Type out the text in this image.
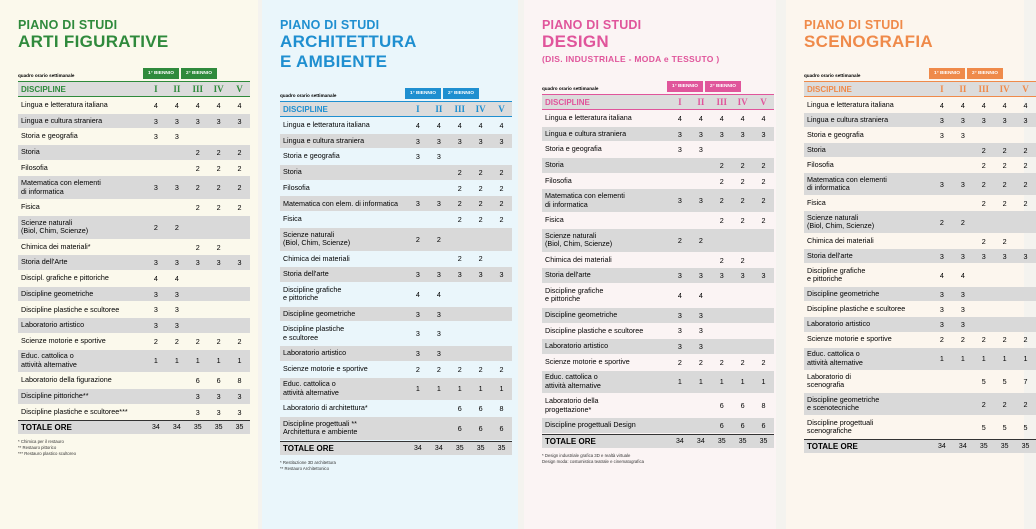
PIANO DI STUDI
ARTI FIGURATIVE
quadro orario settimanale	1° BIENNIO	2° BIENNIO
DISCIPLINE	I	II	III	IV	V

Lingua e letteratura italiana	4	4	4	4	4

Lingua e cultura straniera	3	3	3	3	3

Storia e geografia	3	3			

Storia			2	2	2

Filosofia			2	2	2

Matematica con elementi
di informatica	3	3	2	2	2

Fisica			2	2	2

Scienze naturali
(Biol, Chim, Scienze)	2	2			

Chimica dei materiali*			2	2	

Storia dell'Arte	3	3	3	3	3

Discipl. grafiche e pittoriche	4	4			

Discipline geometriche	3	3			

Discipline plastiche e scultoree	3	3			

Laboratorio artistico	3	3			

Scienze motorie e sportive	2	2	2	2	2

Educ. cattolica o
attività alternative	1	1	1	1	1

Laboratorio della figurazione			6	6	8

Discipline pittoriche**			3	3	3

Discipline plastiche e scultoree***			3	3	3
TOTALE ORE	34	34	35	35	35
* Chimica per il restauro
** Restauro pittorico
*** Restauro plastico scultoreo
PIANO DI STUDI
ARCHITETTURA
E AMBIENTE
quadro orario settimanale	1° BIENNIO	2° BIENNIO
DISCIPLINE	I	II	III	IV	V

Lingua e letteratura italiana	4	4	4	4	4

Lingua e cultura straniera	3	3	3	3	3

Storia e geografia	3	3			

Storia			2	2	2

Filosofia			2	2	2

Matematica con elem. di informatica	3	3	2	2	2

Fisica			2	2	2

Scienze naturali
(Biol, Chim, Scienze)	2	2			

Chimica dei materiali			2	2	

Storia dell'arte	3	3	3	3	3

Discipline grafiche
e pittoriche	4	4			

Discipline geometriche	3	3			

Discipline plastiche
e scultoree	3	3			

Laboratorio artistico	3	3			

Scienze motorie e sportive	2	2	2	2	2

Educ. cattolica o
attività alternative	1	1	1	1	1

Laboratorio di architettura*			6	6	8

Discipline progettuali **
Architettura e ambiente			6	6	6
TOTALE ORE	34	34	35	35	35
* Restituzione 3D architettura
** Restauro Architettonico
PIANO DI STUDI
DESIGN
(DIS. INDUSTRIALE - MODA e TESSUTO )
quadro orario settimanale	1° BIENNIO	2° BIENNIO
DISCIPLINE	I	II	III	IV	V

Lingua e letteratura italiana	4	4	4	4	4

Lingua e cultura straniera	3	3	3	3	3

Storia e geografia	3	3			

Storia			2	2	2

Filosofia			2	2	2

Matematica con elementi
di informatica	3	3	2	2	2

Fisica			2	2	2

Scienze naturali
(Biol, Chim, Scienze)	2	2			

Chimica dei materiali			2	2	

Storia dell'arte	3	3	3	3	3

Discipline grafiche
e pittoriche	4	4			

Discipline geometriche	3	3			

Discipline plastiche e scultoree	3	3			

Laboratorio artistico	3	3			

Scienze motorie e sportive	2	2	2	2	2

Educ. cattolica o
attività alternative	1	1	1	1	1

Laboratorio della
progettazione*			6	6	8

Discipline progettuali Design			6	6	6
TOTALE ORE	34	34	35	35	35
* Design industriale grafica 3D e realtà virtuale
Design moda: costumistica teatrale e cinematografica
PIANO DI STUDI
SCENOGRAFIA
quadro orario settimanale	1° BIENNIO	2° BIENNIO
DISCIPLINE	I	II	III	IV	V

Lingua e letteratura italiana	4	4	4	4	4

Lingua e cultura straniera	3	3	3	3	3

Storia e geografia	3	3			

Storia			2	2	2

Filosofia			2	2	2

Matematica con elementi
di informatica	3	3	2	2	2

Fisica			2	2	2

Scienze naturali
(Biol, Chim, Scienze)	2	2			

Chimica dei materiali			2	2	

Storia dell'arte	3	3	3	3	3

Discipline grafiche
e pittoriche	4	4			

Discipline geometriche	3	3			

Discipline plastiche e scultoree	3	3			

Laboratorio artistico	3	3			

Scienze motorie e sportive	2	2	2	2	2

Educ. cattolica o
attività alternative	1	1	1	1	1

Laboratorio di
scenografia			5	5	7

Discipline geometriche
e scenotecniche			2	2	2

Discipline progettuali
scenografiche			5	5	5
TOTALE ORE	34	34	35	35	35
